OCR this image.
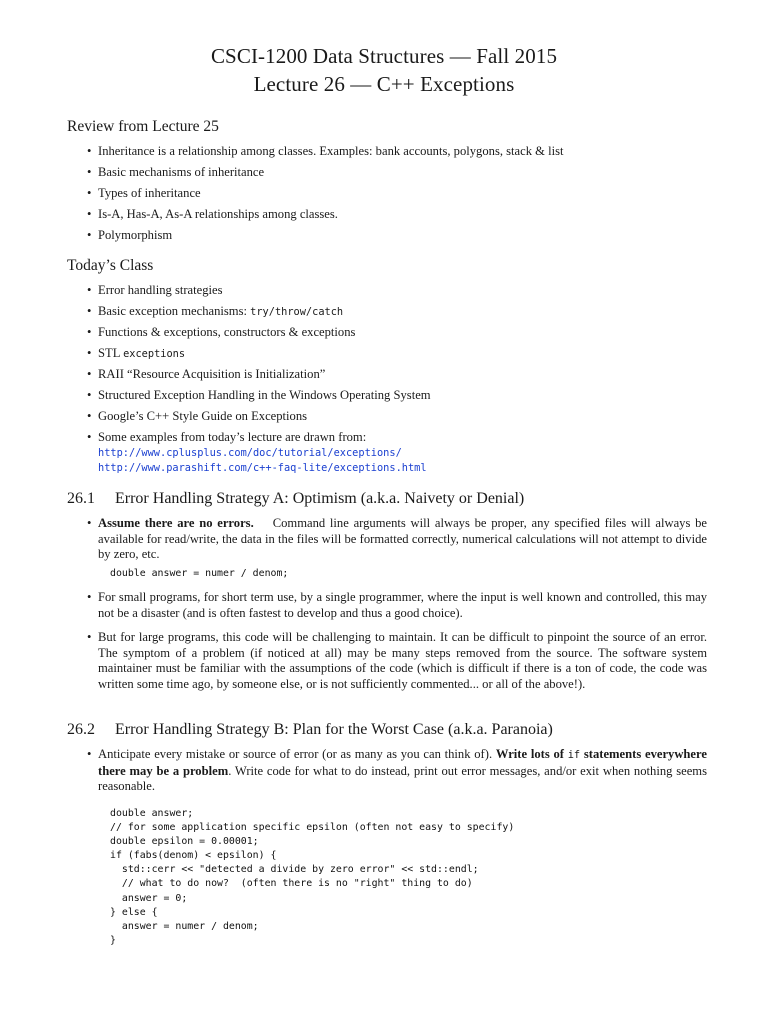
CSCI-1200 Data Structures — Fall 2015
Lecture 26 — C++ Exceptions
Review from Lecture 25
• Inheritance is a relationship among classes. Examples: bank accounts, polygons, stack & list
• Basic mechanisms of inheritance
• Types of inheritance
• Is-A, Has-A, As-A relationships among classes.
• Polymorphism
Today’s Class
• Error handling strategies
• Basic exception mechanisms: try/throw/catch
• Functions & exceptions, constructors & exceptions
• STL exceptions
• RAII “Resource Acquisition is Initialization”
• Structured Exception Handling in the Windows Operating System
• Google’s C++ Style Guide on Exceptions
• Some examples from today’s lecture are drawn from:
http://www.cplusplus.com/doc/tutorial/exceptions/
http://www.parashift.com/c++-faq-lite/exceptions.html
26.1 Error Handling Strategy A: Optimism (a.k.a. Naivety or Denial)
• Assume there are no errors. Command line arguments will always be proper, any specified files will always be available for read/write, the data in the files will be formatted correctly, numerical calculations will not attempt to divide by zero, etc.
double answer = numer / denom;
• For small programs, for short term use, by a single programmer, where the input is well known and controlled, this may not be a disaster (and is often fastest to develop and thus a good choice).
• But for large programs, this code will be challenging to maintain. It can be difficult to pinpoint the source of an error. The symptom of a problem (if noticed at all) may be many steps removed from the source. The software system maintainer must be familiar with the assumptions of the code (which is difficult if there is a ton of code, the code was written some time ago, by someone else, or is not sufficiently commented... or all of the above!).
26.2 Error Handling Strategy B: Plan for the Worst Case (a.k.a. Paranoia)
• Anticipate every mistake or source of error (or as many as you can think of). Write lots of if statements everywhere there may be a problem. Write code for what to do instead, print out error messages, and/or exit when nothing seems reasonable.
double answer;
// for some application specific epsilon (often not easy to specify)
double epsilon = 0.00001;
if (fabs(denom) < epsilon) {
std::cerr << "detected a divide by zero error" << std::endl;
// what to do now?  (often there is no "right" thing to do)
answer = 0;
} else {
answer = numer / denom;
}
